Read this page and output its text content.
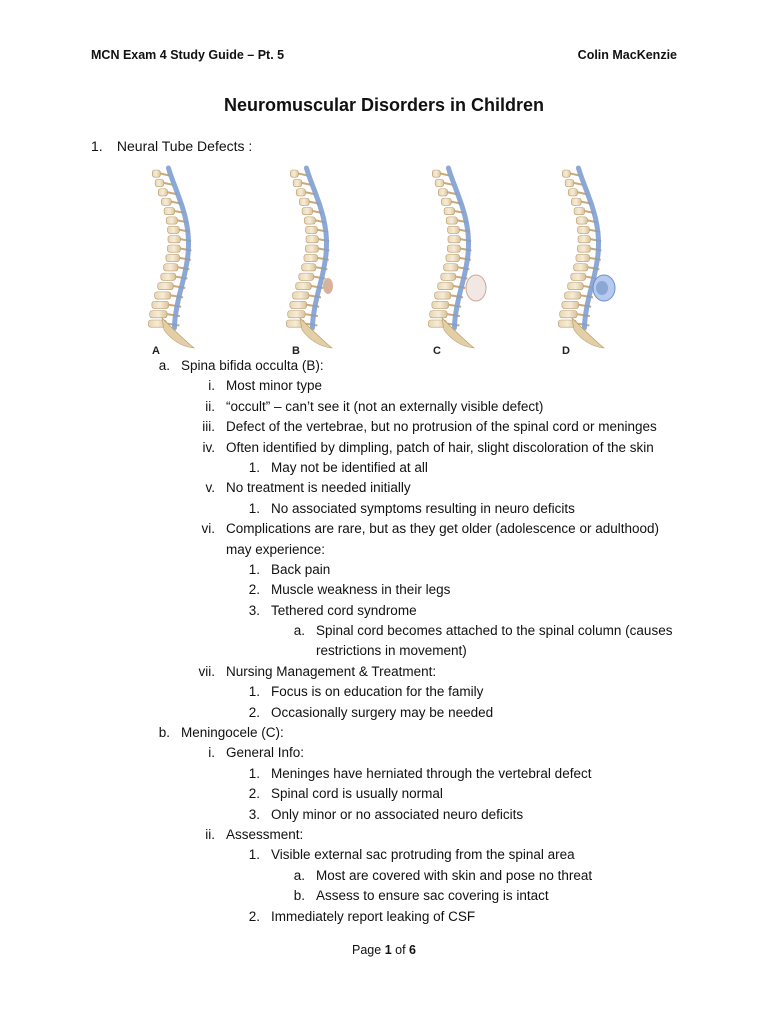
MCN Exam 4 Study Guide – Pt. 5	Colin MacKenzie
Neuromuscular Disorders in Children
1. Neural Tube Defects :
A	B	C	D
a. Spina bifida occulta (B):
i. Most minor type
ii. “occult” – can’t see it (not an externally visible defect)
iii. Defect of the vertebrae, but no protrusion of the spinal cord or meninges
iv. Often identified by dimpling, patch of hair, slight discoloration of the skin
1. May not be identified at all
v. No treatment is needed initially
1. No associated symptoms resulting in neuro deficits
vi. Complications are rare, but as they get older (adolescence or adulthood)
may experience:
1. Back pain
2. Muscle weakness in their legs
3. Tethered cord syndrome
a. Spinal cord becomes attached to the spinal column (causes
restrictions in movement)
vii. Nursing Management & Treatment:
1. Focus is on education for the family
2. Occasionally surgery may be needed
b. Meningocele (C):
i. General Info:
1. Meninges have herniated through the vertebral defect
2. Spinal cord is usually normal
3. Only minor or no associated neuro deficits
ii. Assessment:
1. Visible external sac protruding from the spinal area
a. Most are covered with skin and pose no threat
b. Assess to ensure sac covering is intact
2. Immediately report leaking of CSF
Page 1 of 6
